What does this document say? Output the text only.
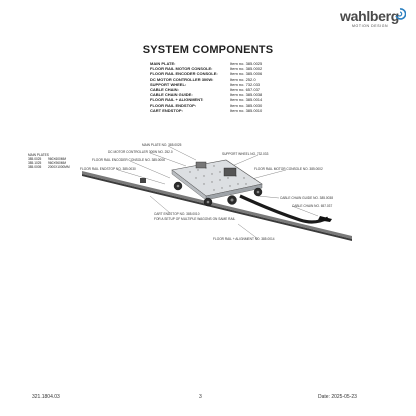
wahlberg
MOTION DESIGN
SYSTEM COMPONENTS
MAIN PLATE:	Item no. 385.0025
FLOOR RAIL MOTOR CONSOLE:	Item no. 385.0002
FLOOR RAIL ENCODER CONSOLE:	Item no. 385.0006
DC MOTOR CONTROLLER 300W:	Item no. 252.0
SUPPORT WHEEL:	Item no. 732.033
CABLE CHAIN:	Item no. 657.037
CABLE CHAIN GUIDE:	Item no. 385.0038
FLOOR RAIL + ALIGNMENT:	Item no. 385.0014
FLOOR RAIL ENDSTOP:	Item no. 385.0030
CART ENDSTOP:	Item no. 385.0010
MAIN PLATES
385.0025	960X600MM
385.1025	960X960MM
385.0005	2000X1000MM
MAIN PLATE NO. 385.0025
DC MOTOR CONTROLLER 300W NO. 252.0
FLOOR RAIL ENCODER CONSOLE NO. 385.0006
FLOOR RAIL ENDSTOP NO. 385.0030
SUPPORT WHEEL NO. 732.033
FLOOR RAIL MOTOR CONSOLE NO. 385.0002
CABLE CHAIN GUIDE NO. 385.0038
CABLE CHAIN NO. 657.037
CART ENDSTOP NO. 385.0010
FOR A SETUP OF MULTIPLE WAGONS ON SAME RAIL
FLOOR RAIL + ALIGNMENT NO. 385.0014
321.1804.03	3	Date: 2025-05-23
